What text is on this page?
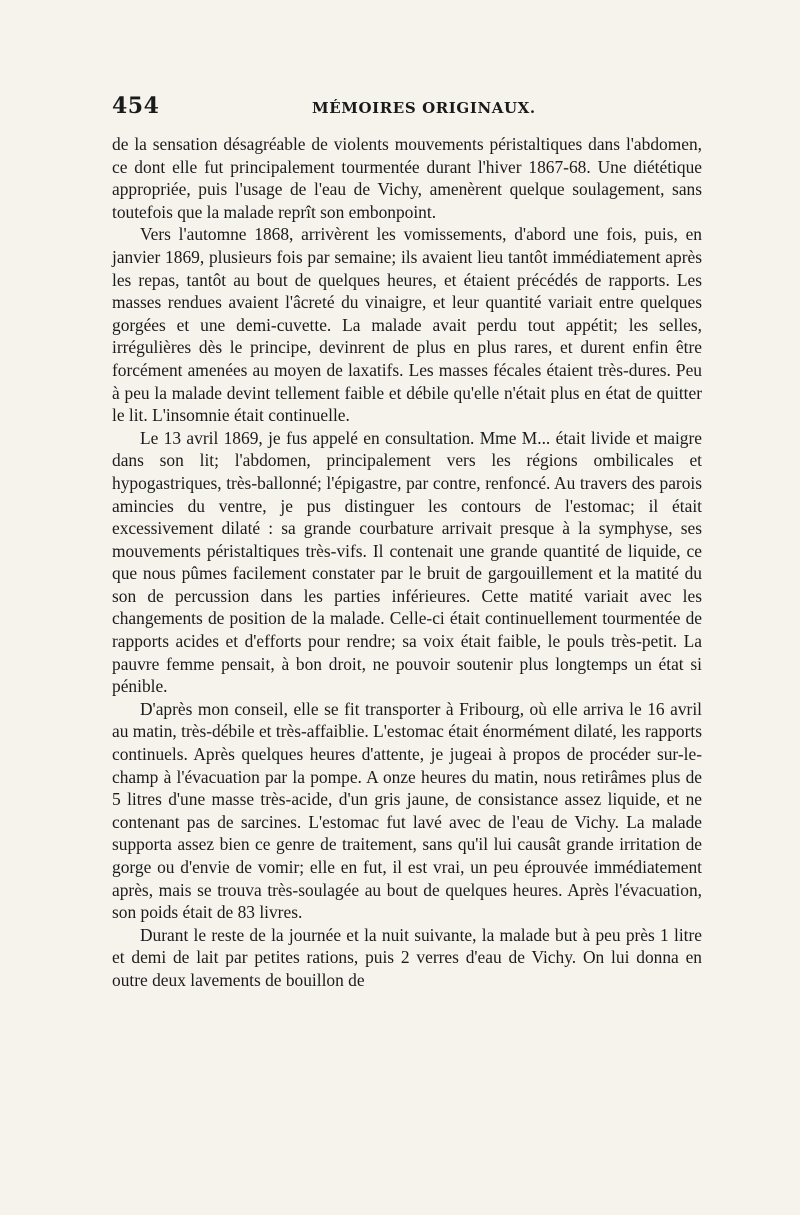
454	MÉMOIRES ORIGINAUX.

de la sensation désagréable de violents mouvements péristaltiques dans l'abdomen, ce dont elle fut principalement tourmentée durant l'hiver 1867-68. Une diététique appropriée, puis l'usage de l'eau de Vichy, amenèrent quelque soulagement, sans toutefois que la malade reprît son embonpoint.

Vers l'automne 1868, arrivèrent les vomissements, d'abord une fois, puis, en janvier 1869, plusieurs fois par semaine; ils avaient lieu tantôt immédiatement après les repas, tantôt au bout de quelques heures, et étaient précédés de rapports. Les masses rendues avaient l'âcreté du vinaigre, et leur quantité variait entre quelques gorgées et une demi-cuvette. La malade avait perdu tout appétit; les selles, irrégulières dès le principe, devinrent de plus en plus rares, et durent enfin être forcément amenées au moyen de laxatifs. Les masses fécales étaient très-dures. Peu à peu la malade devint tellement faible et débile qu'elle n'était plus en état de quitter le lit. L'insomnie était continuelle.

Le 13 avril 1869, je fus appelé en consultation. Mme M... était livide et maigre dans son lit; l'abdomen, principalement vers les régions ombilicales et hypogastriques, très-ballonné; l'épigastre, par contre, renfoncé. Au travers des parois amincies du ventre, je pus distinguer les contours de l'estomac; il était excessivement dilaté : sa grande courbature arrivait presque à la symphyse, ses mouvements péristaltiques très-vifs. Il contenait une grande quantité de liquide, ce que nous pûmes facilement constater par le bruit de gargouillement et la matité du son de percussion dans les parties inférieures. Cette matité variait avec les changements de position de la malade. Celle-ci était continuellement tourmentée de rapports acides et d'efforts pour rendre; sa voix était faible, le pouls très-petit. La pauvre femme pensait, à bon droit, ne pouvoir soutenir plus longtemps un état si pénible.

D'après mon conseil, elle se fit transporter à Fribourg, où elle arriva le 16 avril au matin, très-débile et très-affaiblie. L'estomac était énormément dilaté, les rapports continuels. Après quelques heures d'attente, je jugeai à propos de procéder sur-le-champ à l'évacuation par la pompe. A onze heures du matin, nous retirâmes plus de 5 litres d'une masse très-acide, d'un gris jaune, de consistance assez liquide, et ne contenant pas de sarcines. L'estomac fut lavé avec de l'eau de Vichy. La malade supporta assez bien ce genre de traitement, sans qu'il lui causât grande irritation de gorge ou d'envie de vomir; elle en fut, il est vrai, un peu éprouvée immédiatement après, mais se trouva très-soulagée au bout de quelques heures. Après l'évacuation, son poids était de 83 livres.

Durant le reste de la journée et la nuit suivante, la malade but à peu près 1 litre et demi de lait par petites rations, puis 2 verres d'eau de Vichy. On lui donna en outre deux lavements de bouillon de
